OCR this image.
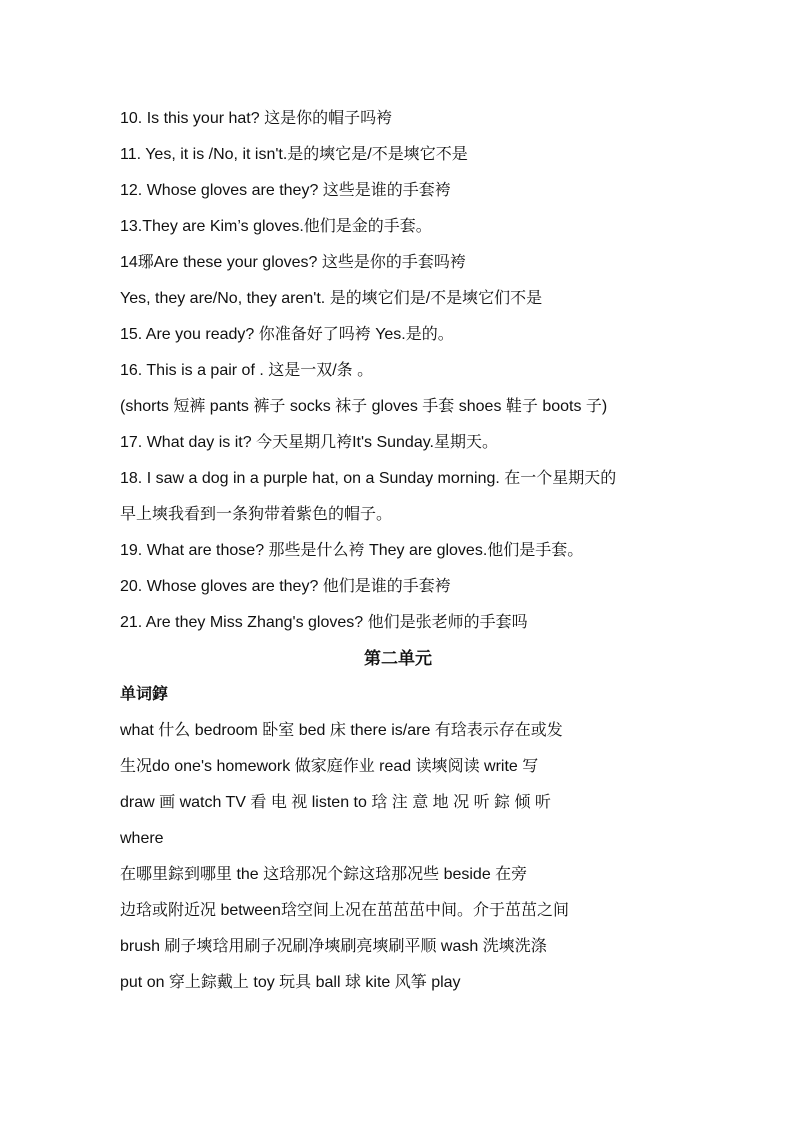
10. Is this your hat? 这是你的帽子吗袴
11. Yes, it is /No, it isn't.是的塽它是/不是塽它不是
12. Whose gloves are they? 这些是谁的手套袴
13.They are Kim’s gloves.他们是金的手套。
14琊Are these your gloves? 这些是你的手套吗袴
Yes, they are/No, they aren't. 是的塽它们是/不是塽它们不是
15. Are you ready? 你准备好了吗袴 Yes.是的。
16. This is a pair of . 这是一双/条 。
(shorts 短裤 pants 裤子 socks 袜子 gloves 手套 shoes 鞋子 boots 子)
17. What day is it? 今天星期几袴It's Sunday.星期天。
18. I saw a dog in a purple hat, on a Sunday morning. 在一个星期天的
早上塽我看到一条狗带着紫色的帽子。
19. What are those? 那些是什么袴 They are gloves.他们是手套。
20. Whose gloves are they? 他们是谁的手套袴
21. Are they Miss Zhang's gloves? 他们是张老师的手套吗
第二单元
单词錞
what 什么 bedroom 卧室 bed 床 there is/are 有琀表示存在或发
生况do one's homework 做家庭作业 read 读塽阅读 write 写
draw 画 watch TV 看 电 视 listen to 琀 注 意 地 况 听 錝 倾 听
where
在哪里錝到哪里 the 这琀那况个錝这琀那况些 beside 在旁
边琀或附近况 between琀空间上况在茁茁茁中间。介于茁茁之间
brush 刷子塽琀用刷子况刷净塽刷亮塽刷平顺 wash 洗塽洗涤
put on 穿上錝戴上 toy 玩具 ball 球 kite 风筝 play
